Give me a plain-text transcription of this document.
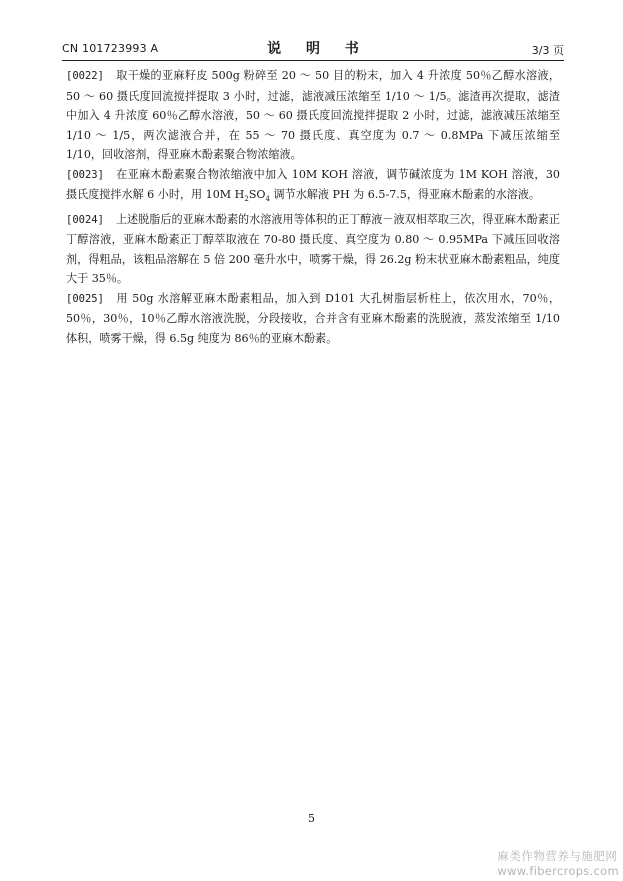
CN 101723993 A	说 明 书	3/3 页

[0022] 取干燥的亚麻籽皮 500g 粉碎至 20 ～ 50 目的粉末，加入 4 升浓度 50％乙醇水溶液，50 ～ 60 摄氏度回流搅拌提取 3 小时，过滤，滤液减压浓缩至 1/10 ～ 1/5。滤渣再次提取，滤渣中加入 4 升浓度 60％乙醇水溶液，50 ～ 60 摄氏度回流搅拌提取 2 小时，过滤，滤液减压浓缩至 1/10 ～ 1/5，两次滤液合并，在 55 ～ 70 摄氏度、真空度为 0.7 ～ 0.8MPa 下减压浓缩至 1/10，回收溶剂，得亚麻木酚素聚合物浓缩液。

[0023] 在亚麻木酚素聚合物浓缩液中加入 10M KOH 溶液，调节碱浓度为 1M KOH 溶液，30 摄氏度搅拌水解 6 小时，用 10M $H_2SO_4$ 调节水解液 PH 为 6.5-7.5，得亚麻木酚素的水溶液。

[0024] 上述脱脂后的亚麻木酚素的水溶液用等体积的正丁醇液－液双相萃取三次，得亚麻木酚素正丁醇溶液，亚麻木酚素正丁醇萃取液在 70-80 摄氏度、真空度为 0.80 ～ 0.95MPa 下减压回收溶剂，得粗品，该粗品溶解在 5 倍 200 毫升水中，喷雾干燥，得 26.2g 粉末状亚麻木酚素粗品，纯度大于 35％。

[0025] 用 50g 水溶解亚麻木酚素粗品，加入到 D101 大孔树脂层析柱上，依次用水，70％，50％，30％，10％乙醇水溶液洗脱，分段接收，合并含有亚麻木酚素的洗脱液，蒸发浓缩至 1/10 体积，喷雾干燥，得 6.5g 纯度为 86％的亚麻木酚素。

5
麻类作物营养与施肥网
www.fibercrops.com
